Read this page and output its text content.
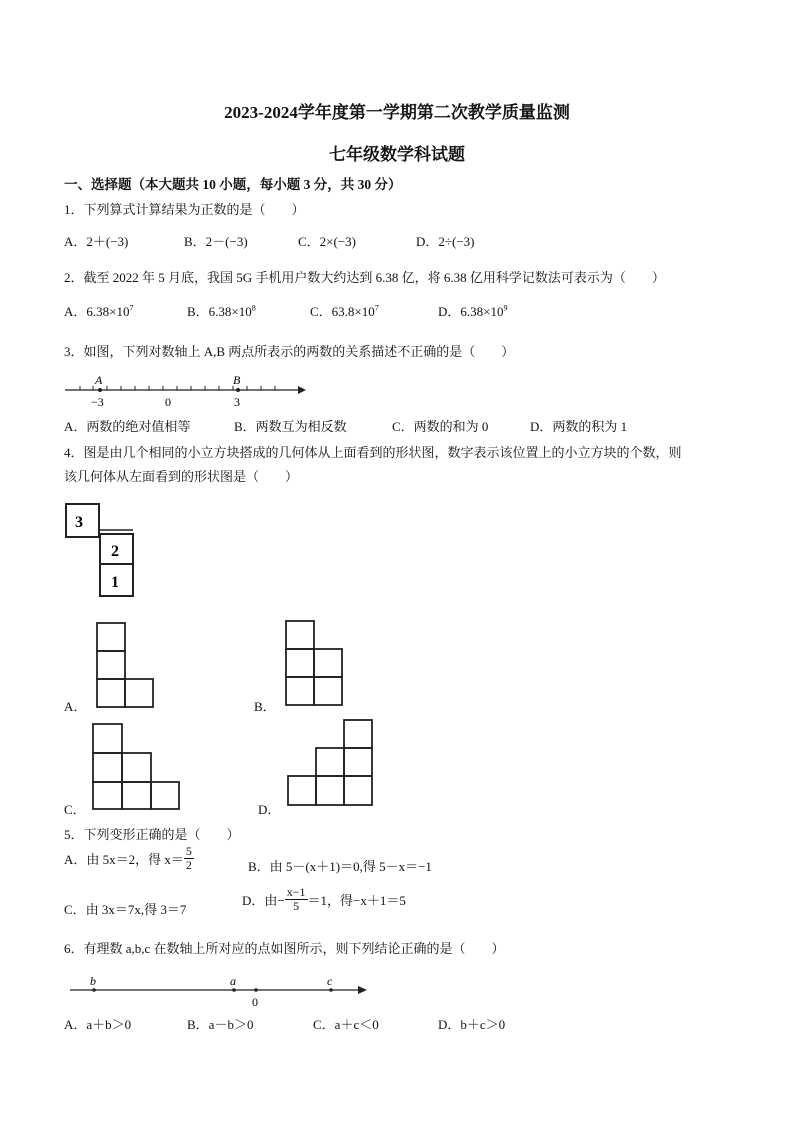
2023-2024学年度第一学期第二次教学质量监测
七年级数学科试题
一、选择题（本大题共 10 小题，每小题 3 分，共 30 分）
1．下列算式计算结果为正数的是（　　）
A．2＋(−3)	B．2－(−3)	C．2×(−3)	D．2÷(−3)
2．截至 2022 年 5 月底，我国 5G 手机用户数大约达到 6.38 亿，将 6.38 亿用科学记数法可表示为（　　）
A．$6.38\times 10^7$	B．$6.38\times 10^8$	C．$63.8\times 10^7$	D．$6.38\times 10^9$
3．如图，下列对数轴上 A,B 两点所表示的两数的关系描述不正确的是（　　）
A	B
−3	0	3
A．两数的绝对值相等	B．两数互为相反数	C．两数的和为 0	D．两数的积为 1
4．图是由几个相同的小立方块搭成的几何体从上面看到的形状图，数字表示该位置上的小立方块的个数，则
该几何体从左面看到的形状图是（　　）
3
2
1
A．	B．
C．	D．
5．下列变形正确的是（　　）
A．由 5x＝2，得 $x= \frac{5}{2}$	B．由 5－(x＋1)＝0,得 5－x＝−1
C．由 3x＝7x,得 3＝7
D．由− $\frac{x-1}{5} =1$，得−x＋1＝5
6．有理数 a,b,c 在数轴上所对应的点如图所示，则下列结论正确的是（　　）
b	a
0
c
A．a＋b＞0	B．a－b＞0	C．a＋c＜0	D．b＋c＞0
